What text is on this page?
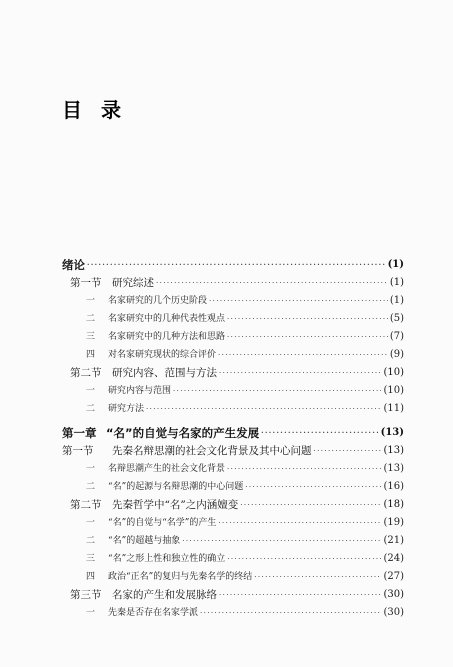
目录
绪论 ·····	(1)
第一节	研究综述 ·····	(1)
一	名家研究的几个历史阶段 ·····	(1)
二	名家研究中的几种代表性观点 ·····	(5)
三	名家研究中的几种方法和思路 ·····	(7)
四	对名家研究现状的综合评价 ·····	(9)
第二节	研究内容、范围与方法 ·····	(10)
一	研究内容与范围 ·····	(10)
二	研究方法 ·····	(11)
第一章 “名”的自觉与名家的产生发展 ·····	(13)
第一节	先秦名辩思潮的社会文化背景及其中心问题 ·····	(13)
一	名辩思潮产生的社会文化背景 ·····	(13)
二	“名”的起源与名辩思潮的中心问题 ·····	(16)
第二节	先秦哲学中“名”之内涵嬗变 ·····	(18)
一	“名”的自觉与“名学”的产生 ·····	(19)
二	“名”的超越与抽象 ·····	(21)
三	“名”之形上性和独立性的确立 ·····	(24)
四	政治“正名”的复归与先秦名学的终结 ·····	(27)
第三节	名家的产生和发展脉络 ·····	(30)
一	先秦是否存在名家学派 ·····	(30)
